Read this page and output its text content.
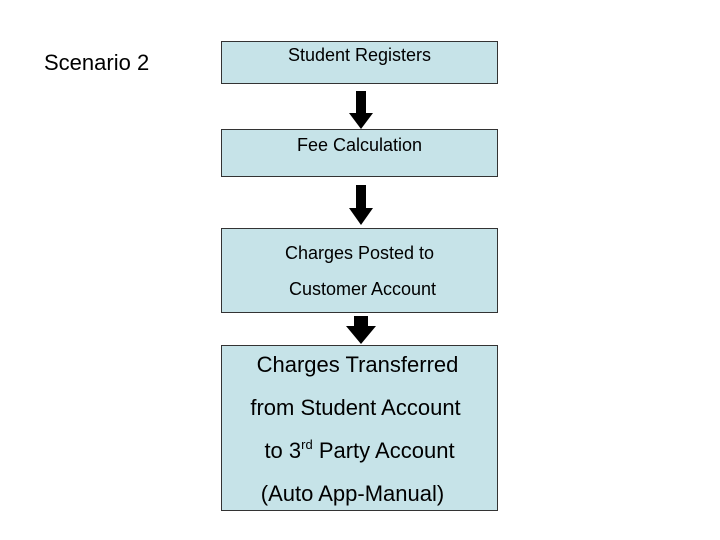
Scenario 2	Student Registers
Fee Calculation
Charges Posted to
Customer Account
Charges Transferred
from Student Account
to 3rd Party Account
(Auto App-Manual)
